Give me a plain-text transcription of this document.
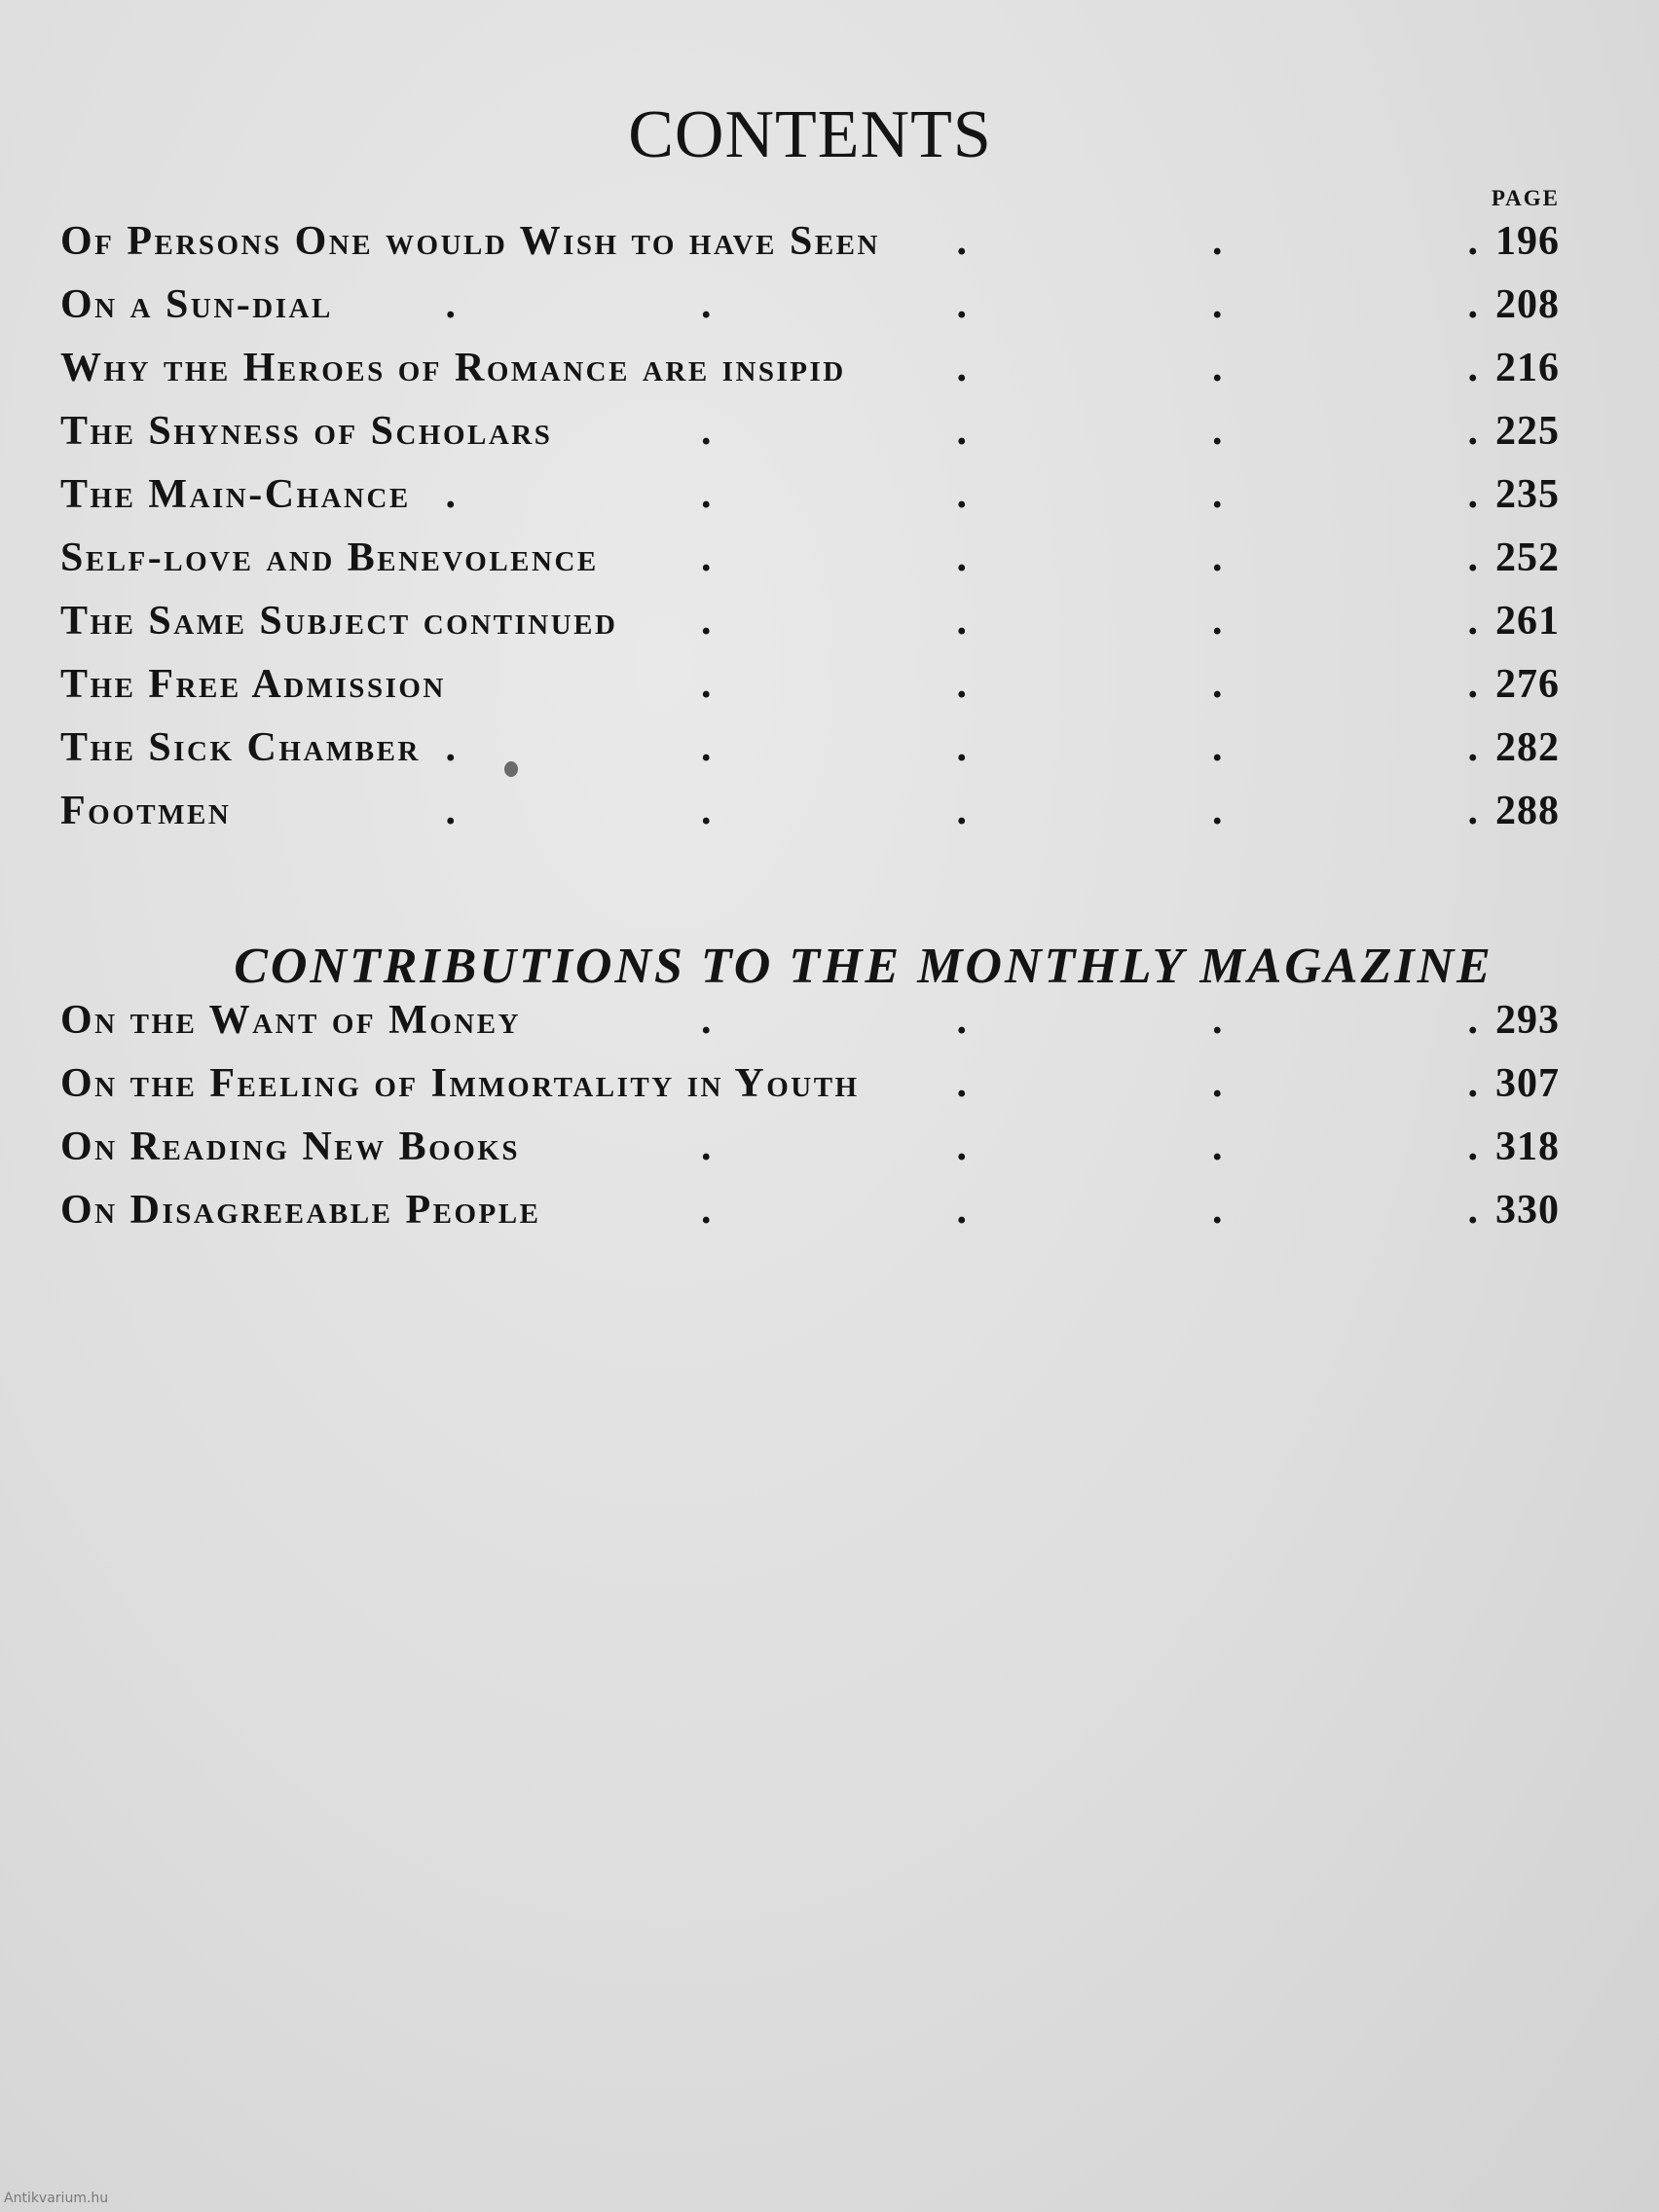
CONTENTS
page
Of Persons One would Wish to have Seen .	196
On a Sun-dial .	208
Why the Heroes of Romance are insipid .	216
The Shyness of Scholars .	225
The Main-Chance .	235
Self-love and Benevolence .	252
The Same Subject continued .	261
The Free Admission .	276
The Sick Chamber .	282
Footmen .	288
CONTRIBUTIONS TO THE MONTHLY MAGAZINE
On the Want of Money .	293
On the Feeling of Immortality in Youth .	307
On Reading New Books .	318
On Disagreeable People .	330
Antikvarium.hu
